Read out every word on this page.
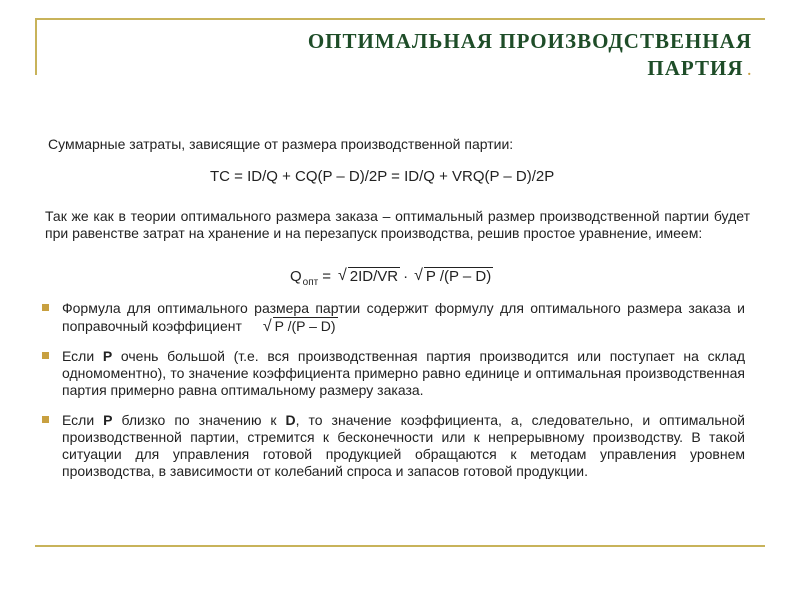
ОПТИМАЛЬНАЯ ПРОИЗВОДСТВЕННАЯ
ПАРТИЯ .
Суммарные затраты, зависящие от размера производственной партии:
TC = ID/Q + CQ(P – D)/2P = ID/Q + VRQ(P – D)/2P
Так же как в теории оптимального размера заказа – оптимальный размер производственной партии будет при равенстве затрат на хранение и на перезапуск производства, решив простое уравнение, имеем:
Q опт = √ 2ID/VR · √ P /(P – D)
Формула для оптимального размера партии содержит формулу для оптимального размера заказа и поправочный коэффициент √ P /(P – D)
Если P очень большой (т.е. вся производственная партия производится или поступает на склад одномоментно), то значение коэффициента примерно равно единице и оптимальная производственная партия примерно равна оптимальному размеру заказа.
Если P близко по значению к D, то значение коэффициента, а, следовательно, и оптимальной производственной партии, стремится к бесконечности или к непрерывному производству. В такой ситуации для управления готовой продукцией обращаются к методам управления уровнем производства, в зависимости от колебаний спроса и запасов готовой продукции.
